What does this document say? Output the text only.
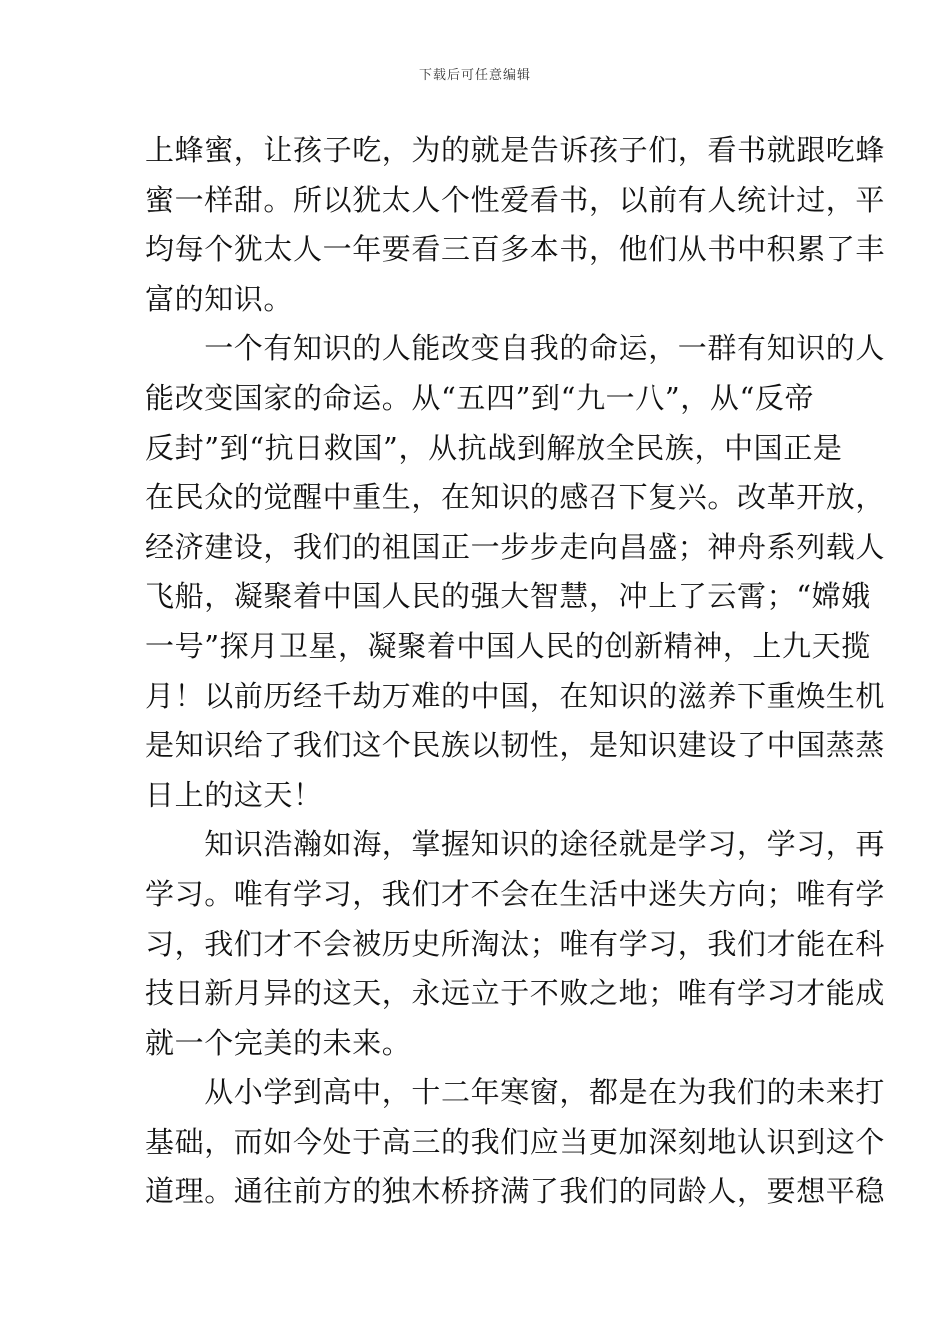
下载后可任意编辑
上蜂蜜，让孩子吃，为的就是告诉孩子们，看书就跟吃蜂
蜜一样甜。所以犹太人个性爱看书，以前有人统计过，平
均每个犹太人一年要看三百多本书，他们从书中积累了丰
富的知识。
　　一个有知识的人能改变自我的命运，一群有知识的人
能改变国家的命运。从“五四”到“九一八”，从“反帝
反封”到“抗日救国”，从抗战到解放全民族，中国正是
在民众的觉醒中重生，在知识的感召下复兴。改革开放，
经济建设，我们的祖国正一步步走向昌盛；神舟系列载人
飞船，凝聚着中国人民的强大智慧，冲上了云霄；“嫦娥
一号”探月卫星，凝聚着中国人民的创新精神，上九天揽
月！以前历经千劫万难的中国，在知识的滋养下重焕生机
是知识给了我们这个民族以韧性，是知识建设了中国蒸蒸
日上的这天！
　　知识浩瀚如海，掌握知识的途径就是学习，学习，再
学习。唯有学习，我们才不会在生活中迷失方向；唯有学
习，我们才不会被历史所淘汰；唯有学习，我们才能在科
技日新月异的这天，永远立于不败之地；唯有学习才能成
就一个完美的未来。
　　从小学到高中，十二年寒窗，都是在为我们的未来打
基础，而如今处于高三的我们应当更加深刻地认识到这个
道理。通往前方的独木桥挤满了我们的同龄人，要想平稳
